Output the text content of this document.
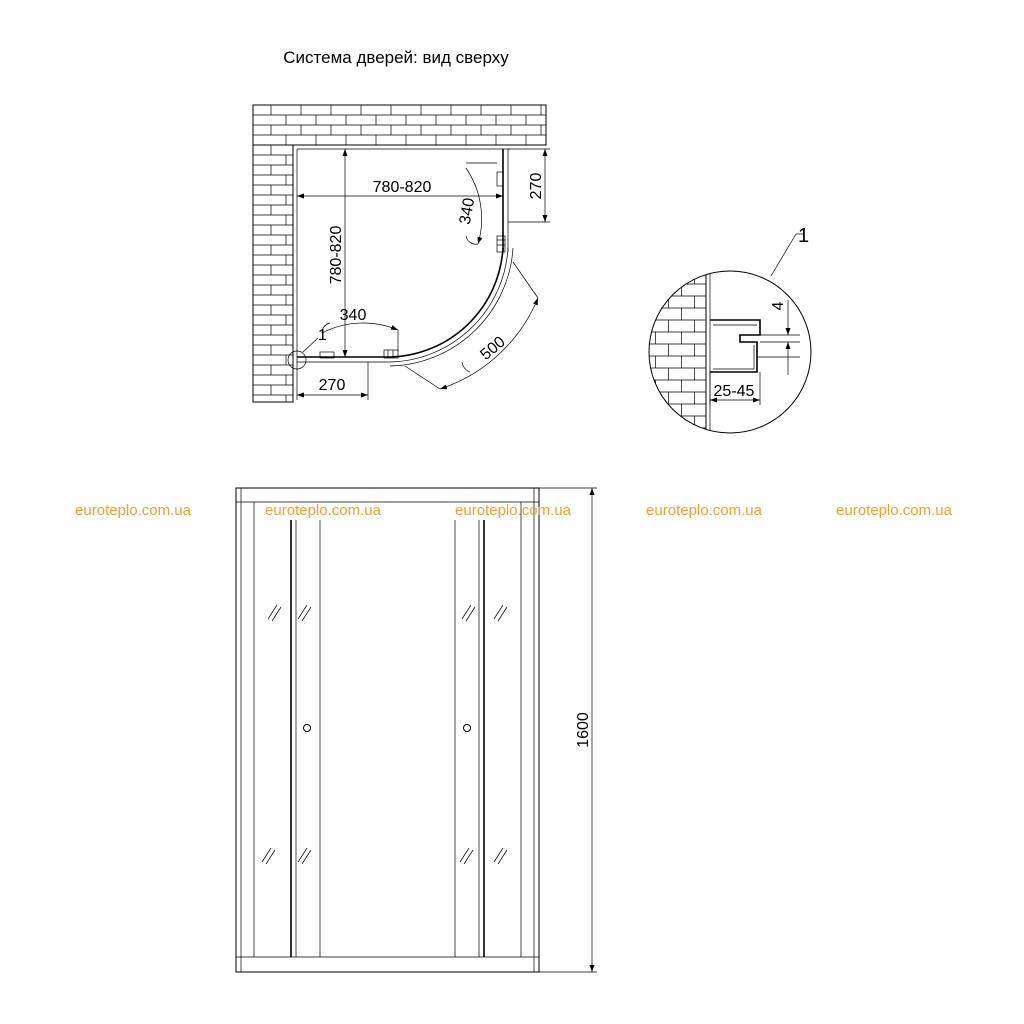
Система дверей: вид сверху
1
780-820
780-820
270
270
340
340
500
4
25-45
1
1600
euroteplo.com.ua	euroteplo.com.ua	euroteplo.com.ua	euroteplo.com.ua	euroteplo.com.ua
